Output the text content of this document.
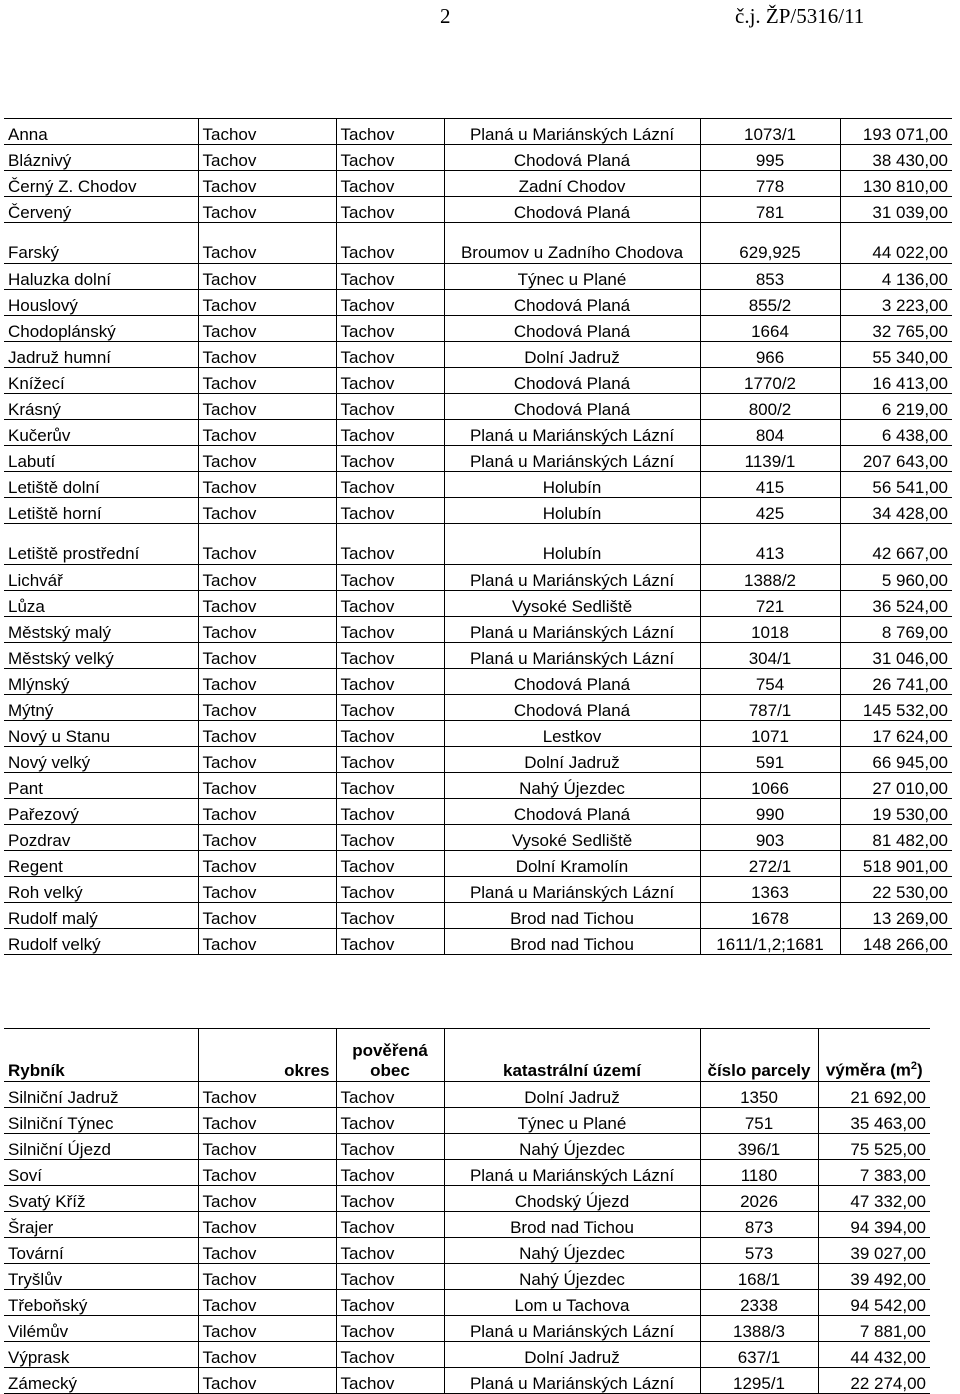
2	č.j. ŽP/5316/11
Anna	Tachov	Tachov	Planá u Mariánských Lázní	1073/1	193 071,00
Bláznivý	Tachov	Tachov	Chodová Planá	995	38 430,00
Černý Z. Chodov	Tachov	Tachov	Zadní Chodov	778	130 810,00
Červený	Tachov	Tachov	Chodová Planá	781	31 039,00
Farský	Tachov	Tachov	Broumov u Zadního Chodova	629,925	44 022,00
Haluzka dolní	Tachov	Tachov	Týnec u Plané	853	4 136,00
Houslový	Tachov	Tachov	Chodová Planá	855/2	3 223,00
Chodoplánský	Tachov	Tachov	Chodová Planá	1664	32 765,00
Jadruž humní	Tachov	Tachov	Dolní Jadruž	966	55 340,00
Knížecí	Tachov	Tachov	Chodová Planá	1770/2	16 413,00
Krásný	Tachov	Tachov	Chodová Planá	800/2	6 219,00
Kučerův	Tachov	Tachov	Planá u Mariánských Lázní	804	6 438,00
Labutí	Tachov	Tachov	Planá u Mariánských Lázní	1139/1	207 643,00
Letiště dolní	Tachov	Tachov	Holubín	415	56 541,00
Letiště horní	Tachov	Tachov	Holubín	425	34 428,00
Letiště prostřední	Tachov	Tachov	Holubín	413	42 667,00
Lichvář	Tachov	Tachov	Planá u Mariánských Lázní	1388/2	5 960,00
Lůza	Tachov	Tachov	Vysoké Sedliště	721	36 524,00
Městský malý	Tachov	Tachov	Planá u Mariánských Lázní	1018	8 769,00
Městský velký	Tachov	Tachov	Planá u Mariánských Lázní	304/1	31 046,00
Mlýnský	Tachov	Tachov	Chodová Planá	754	26 741,00
Mýtný	Tachov	Tachov	Chodová Planá	787/1	145 532,00
Nový u Stanu	Tachov	Tachov	Lestkov	1071	17 624,00
Nový velký	Tachov	Tachov	Dolní Jadruž	591	66 945,00
Pant	Tachov	Tachov	Nahý Újezdec	1066	27 010,00
Pařezový	Tachov	Tachov	Chodová Planá	990	19 530,00
Pozdrav	Tachov	Tachov	Vysoké Sedliště	903	81 482,00
Regent	Tachov	Tachov	Dolní Kramolín	272/1	518 901,00
Roh velký	Tachov	Tachov	Planá u Mariánských Lázní	1363	22 530,00
Rudolf malý	Tachov	Tachov	Brod nad Tichou	1678	13 269,00
Rudolf velký	Tachov	Tachov	Brod nad Tichou	1611/1,2;1681	148 266,00
Rybník	okres	pověřená obec	katastrální území	číslo parcely	výměra $(m^2)$
Silniční Jadruž	Tachov	Tachov	Dolní Jadruž	1350	21 692,00
Silniční Týnec	Tachov	Tachov	Týnec u Plané	751	35 463,00
Silniční Újezd	Tachov	Tachov	Nahý Újezdec	396/1	75 525,00
Soví	Tachov	Tachov	Planá u Mariánských Lázní	1180	7 383,00
Svatý Kříž	Tachov	Tachov	Chodský Újezd	2026	47 332,00
Šrajer	Tachov	Tachov	Brod nad Tichou	873	94 394,00
Tovární	Tachov	Tachov	Nahý Újezdec	573	39 027,00
Tryšlův	Tachov	Tachov	Nahý Újezdec	168/1	39 492,00
Třeboňský	Tachov	Tachov	Lom u Tachova	2338	94 542,00
Vilémův	Tachov	Tachov	Planá u Mariánských Lázní	1388/3	7 881,00
Výprask	Tachov	Tachov	Dolní Jadruž	637/1	44 432,00
Zámecký	Tachov	Tachov	Planá u Mariánských Lázní	1295/1	22 274,00
